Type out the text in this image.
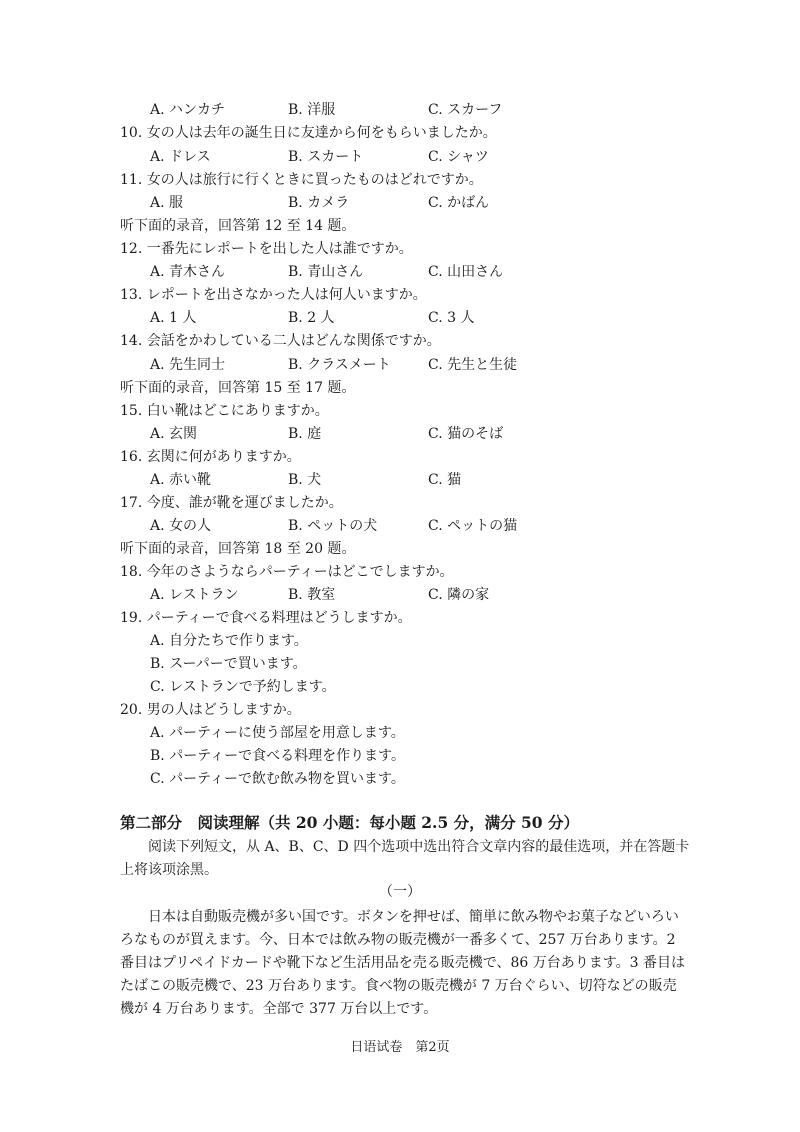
A. ハンカチ	B. 洋服	C. スカーフ
10. 女の人は去年の誕生日に友達から何をもらいましたか。
A. ドレス	B. スカート	C. シャツ
11. 女の人は旅行に行くときに買ったものはどれですか。
A. 服	B. カメラ	C. かばん
听下面的录音，回答第 12 至 14 题。
12. 一番先にレポートを出した人は誰ですか。
A. 青木さん	B. 青山さん	C. 山田さん
13. レポートを出さなかった人は何人いますか。
A. 1 人	B. 2 人	C. 3 人
14. 会話をかわしている二人はどんな関係ですか。
A. 先生同士	B. クラスメート	C. 先生と生徒
听下面的录音，回答第 15 至 17 题。
15. 白い靴はどこにありますか。
A. 玄関	B. 庭	C. 猫のそば
16. 玄関に何がありますか。
A. 赤い靴	B. 犬	C. 猫
17. 今度、誰が靴を運びましたか。
A. 女の人	B. ペットの犬	C. ペットの猫
听下面的录音，回答第 18 至 20 题。
18. 今年のさようならパーティーはどこでしますか。
A. レストラン	B. 教室	C. 隣の家
19. パーティーで食べる料理はどうしますか。
A. 自分たちで作ります。
B. スーパーで買います。
C. レストランで予約します。
20. 男の人はどうしますか。
A. パーティーに使う部屋を用意します。
B. パーティーで食べる料理を作ります。
C. パーティーで飲む飲み物を買います。
第二部分　阅读理解（共 20 小题：每小题 2.5 分，满分 50 分）
阅读下列短文，从 A、B、C、D 四个选项中选出符合文章内容的最佳选项，并在答题卡上将该项涂黑。
（一）
日本は自動販売機が多い国です。ボタンを押せば、簡単に飲み物やお菓子などいろいろなものが買えます。今、日本では飲み物の販売機が一番多くて、257 万台あります。2 番目はプリペイドカードや靴下など生活用品を売る販売機で、86 万台あります。3 番目はたばこの販売機で、23 万台あります。食べ物の販売機が 7 万台ぐらい、切符などの販売機が 4 万台あります。全部で 377 万台以上です。
日语试卷　第2页
